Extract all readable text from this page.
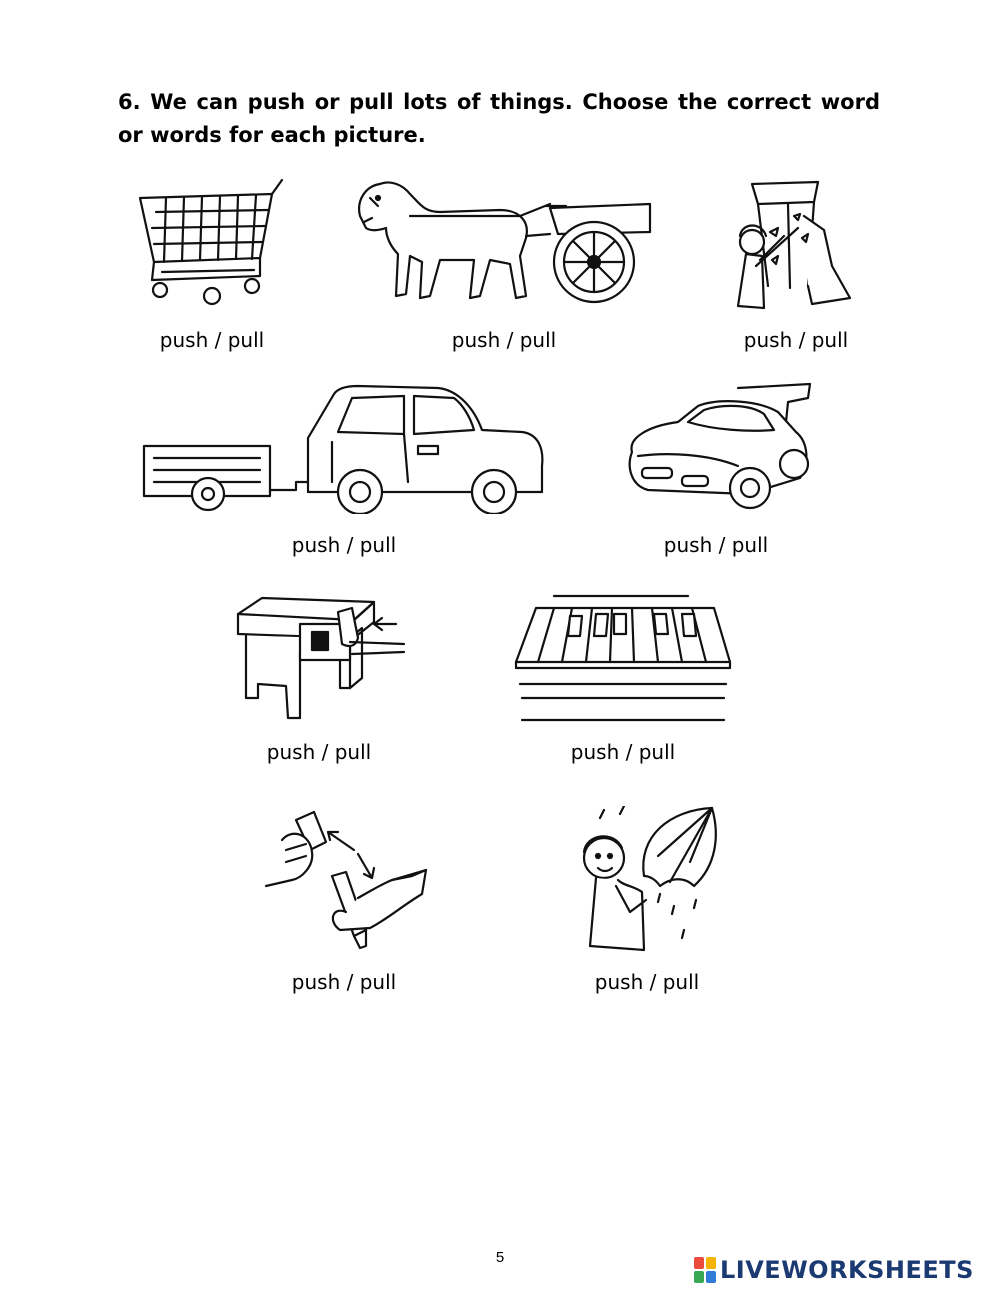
6. We can push or pull lots of things. Choose the correct word or words for each picture.

push / pull	push / pull	push / pull
push / pull	push / pull
push / pull	push / pull
push / pull	push / pull
5	LIVEWORKSHEETS
